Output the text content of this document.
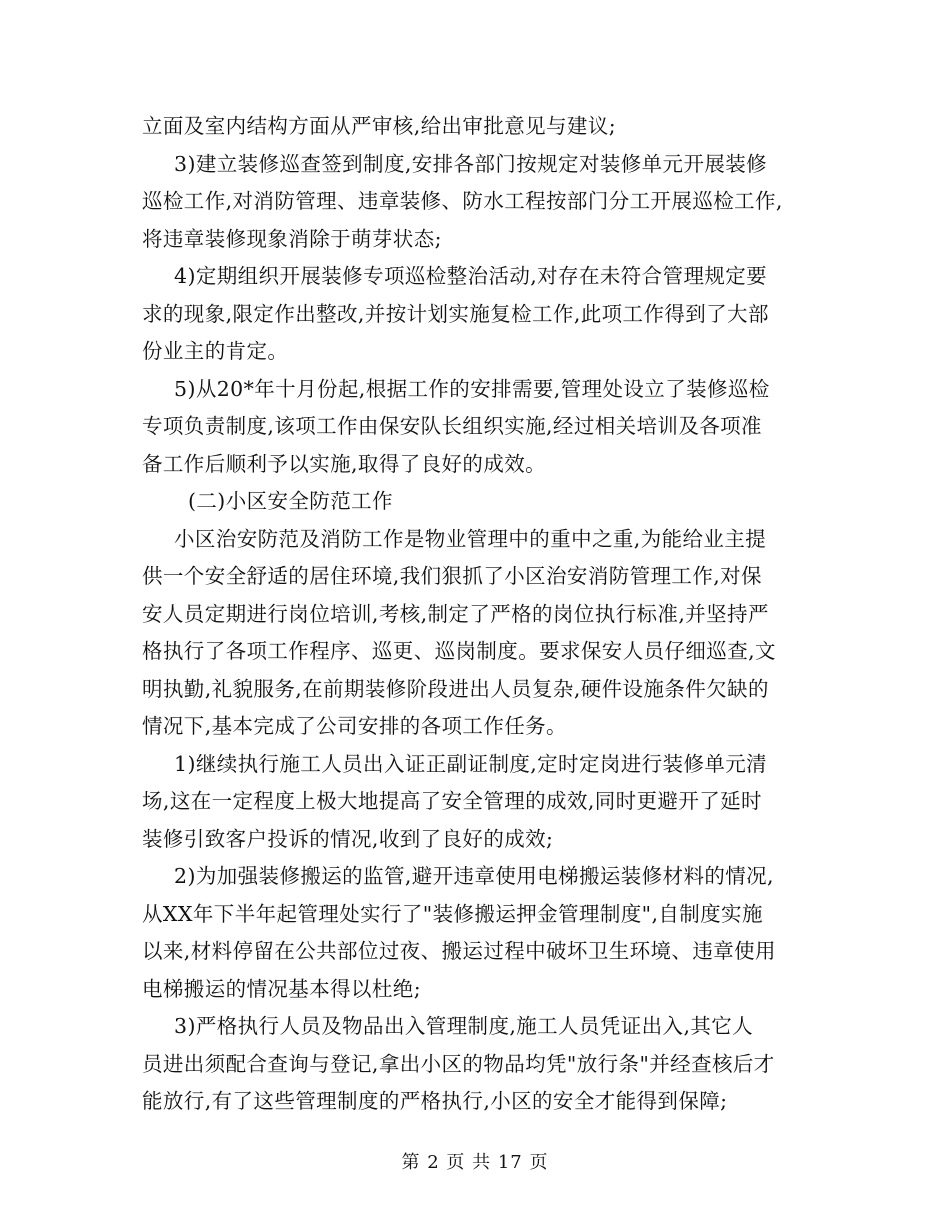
立面及室内结构方面从严审核,给出审批意见与建议;
3)建立装修巡查签到制度,安排各部门按规定对装修单元开展装修
巡检工作,对消防管理、违章装修、防水工程按部门分工开展巡检工作,
将违章装修现象消除于萌芽状态;
4)定期组织开展装修专项巡检整治活动,对存在未符合管理规定要
求的现象,限定作出整改,并按计划实施复检工作,此项工作得到了大部
份业主的肯定。
5)从20*年十月份起,根据工作的安排需要,管理处设立了装修巡检
专项负责制度,该项工作由保安队长组织实施,经过相关培训及各项准
备工作后顺利予以实施,取得了良好的成效。
(二)小区安全防范工作
小区治安防范及消防工作是物业管理中的重中之重,为能给业主提
供一个安全舒适的居住环境,我们狠抓了小区治安消防管理工作,对保
安人员定期进行岗位培训,考核,制定了严格的岗位执行标准,并坚持严
格执行了各项工作程序、巡更、巡岗制度。要求保安人员仔细巡查,文
明执勤,礼貌服务,在前期装修阶段进出人员复杂,硬件设施条件欠缺的
情况下,基本完成了公司安排的各项工作任务。
1)继续执行施工人员出入证正副证制度,定时定岗进行装修单元清
场,这在一定程度上极大地提高了安全管理的成效,同时更避开了延时
装修引致客户投诉的情况,收到了良好的成效;
2)为加强装修搬运的监管,避开违章使用电梯搬运装修材料的情况,
从XX年下半年起管理处实行了"装修搬运押金管理制度",自制度实施
以来,材料停留在公共部位过夜、搬运过程中破坏卫生环境、违章使用
电梯搬运的情况基本得以杜绝;
3)严格执行人员及物品出入管理制度,施工人员凭证出入,其它人
员进出须配合查询与登记,拿出小区的物品均凭"放行条"并经查核后才
能放行,有了这些管理制度的严格执行,小区的安全才能得到保障;
第 2 页 共 17 页
